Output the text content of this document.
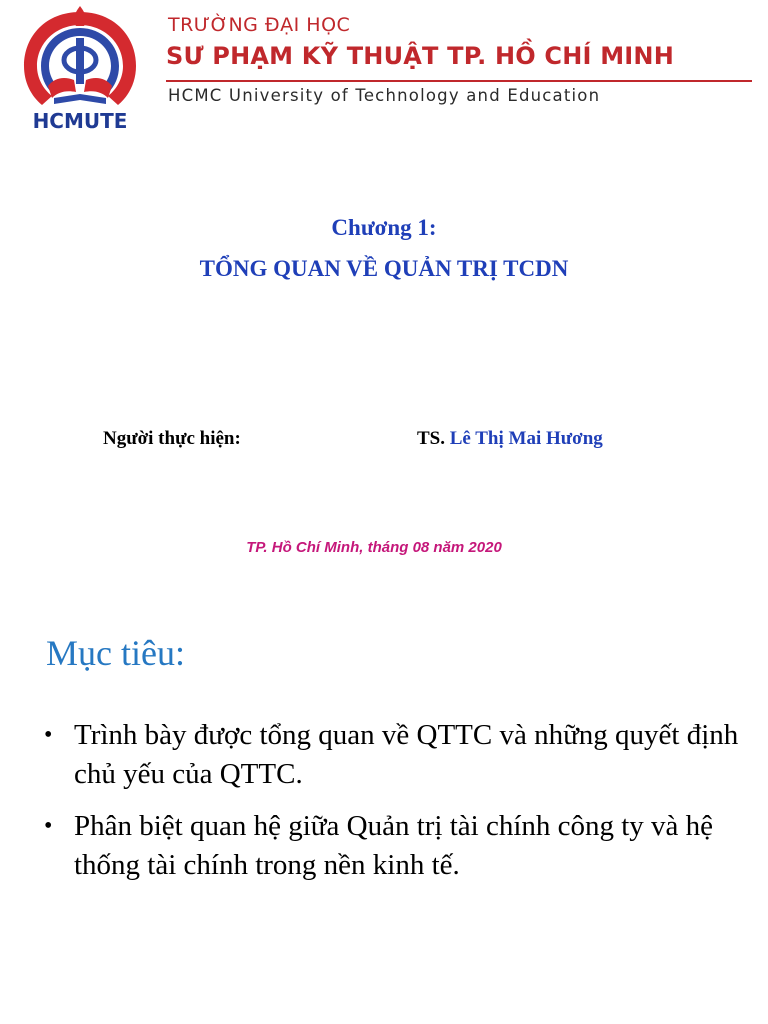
HCMUTE
TRƯỜNG ĐẠI HỌC
SƯ PHẠM KỸ THUẬT TP. HỒ CHÍ MINH
HCMC University of Technology and Education
Chương 1:
TỔNG QUAN VỀ QUẢN TRỊ TCDN
Người thực hiện:	TS. Lê Thị Mai Hương
TP. Hồ Chí Minh, tháng 08 năm 2020
Mục tiêu:
• Trình bày được tổng quan về QTTC và những quyết định chủ yếu của QTTC.
• Phân biệt quan hệ giữa Quản trị tài chính công ty và hệ thống tài chính trong nền kinh tế.
